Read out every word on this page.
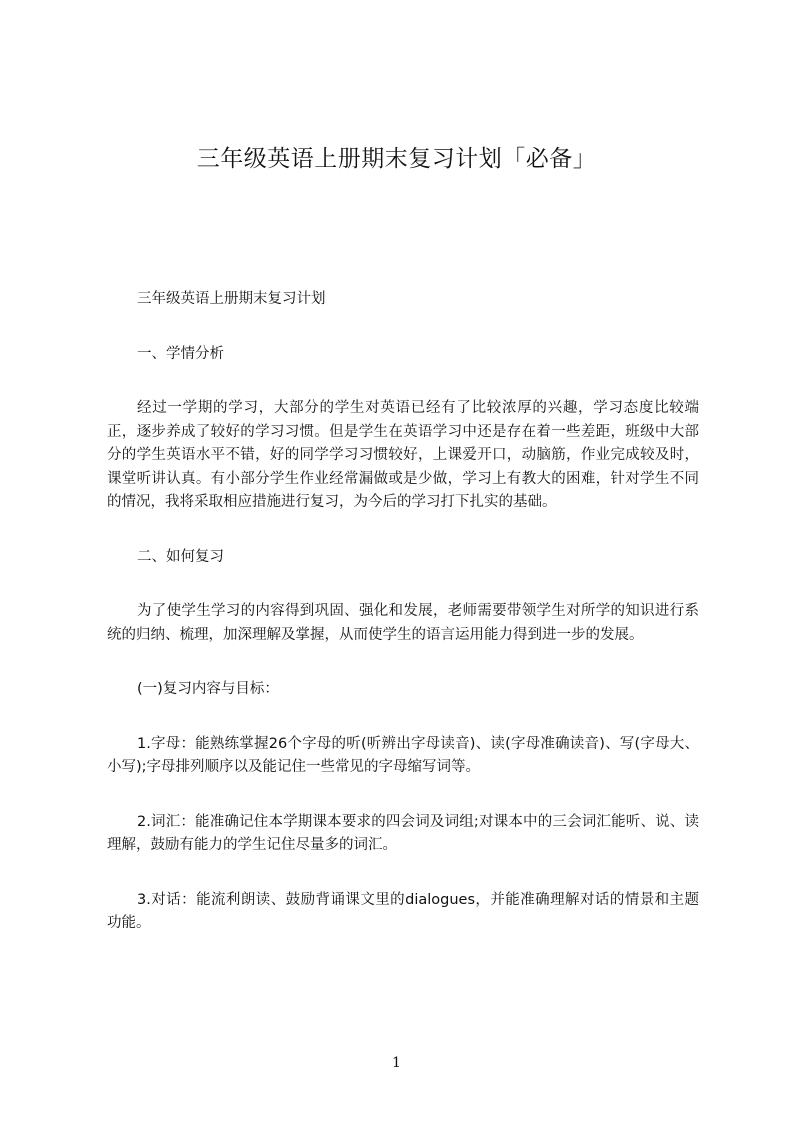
三年级英语上册期末复习计划「必备」

三年级英语上册期末复习计划

一、学情分析

经过一学期的学习，大部分的学生对英语已经有了比较浓厚的兴趣，学习态度比较端正，逐步养成了较好的学习习惯。但是学生在英语学习中还是存在着一些差距，班级中大部分的学生英语水平不错，好的同学学习习惯较好，上课爱开口，动脑筋，作业完成较及时，课堂听讲认真。有小部分学生作业经常漏做或是少做，学习上有教大的困难，针对学生不同的情况，我将采取相应措施进行复习，为今后的学习打下扎实的基础。

二、如何复习

为了使学生学习的内容得到巩固、强化和发展，老师需要带领学生对所学的知识进行系统的归纳、梳理，加深理解及掌握，从而使学生的语言运用能力得到进一步的发展。

(一)复习内容与目标：

1.字母：能熟练掌握26个字母的听(听辨出字母读音)、读(字母准确读音)、写(字母大、小写);字母排列顺序以及能记住一些常见的字母缩写词等。

2.词汇：能准确记住本学期课本要求的四会词及词组;对课本中的三会词汇能听、说、读理解，鼓励有能力的学生记住尽量多的词汇。

3.对话：能流利朗读、鼓励背诵课文里的dialogues，并能准确理解对话的情景和主题功能。

1
